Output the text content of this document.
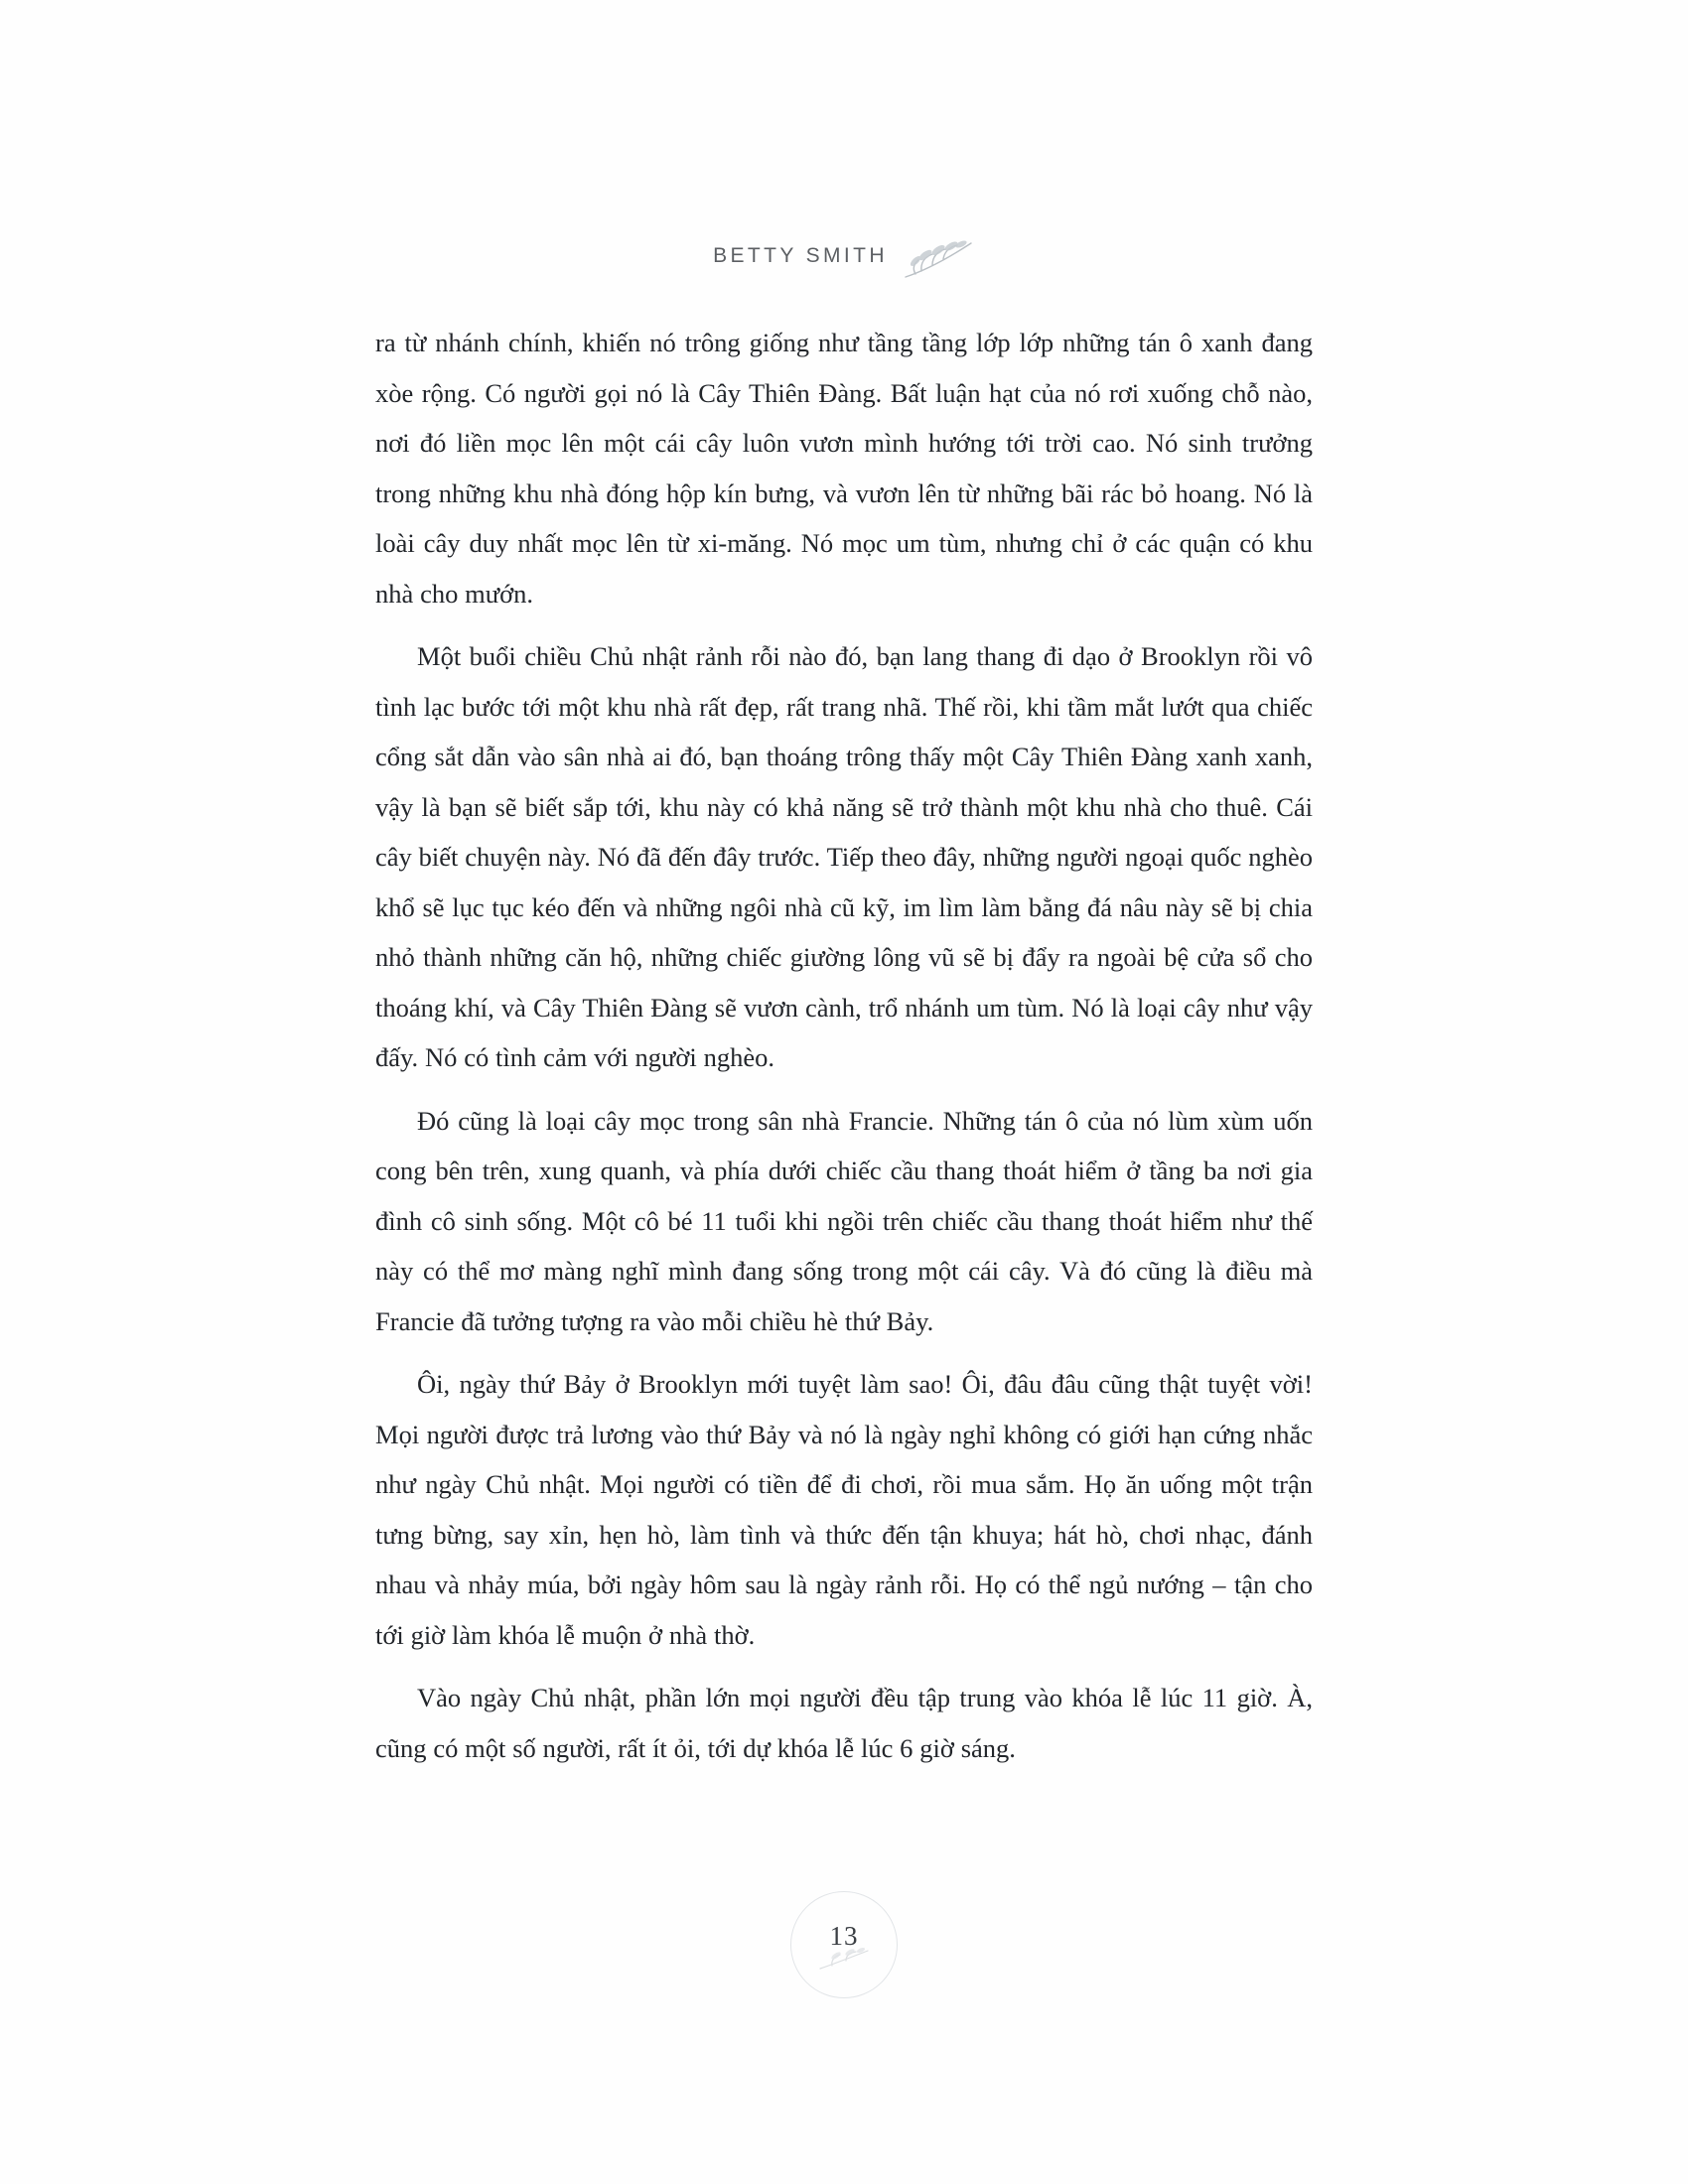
BETTY SMITH

ra từ nhánh chính, khiến nó trông giống như tầng tầng lớp lớp những tán ô xanh đang xòe rộng. Có người gọi nó là Cây Thiên Đàng. Bất luận hạt của nó rơi xuống chỗ nào, nơi đó liền mọc lên một cái cây luôn vươn mình hướng tới trời cao. Nó sinh trưởng trong những khu nhà đóng hộp kín bưng, và vươn lên từ những bãi rác bỏ hoang. Nó là loài cây duy nhất mọc lên từ xi-măng. Nó mọc um tùm, nhưng chỉ ở các quận có khu nhà cho mướn.

Một buổi chiều Chủ nhật rảnh rỗi nào đó, bạn lang thang đi dạo ở Brooklyn rồi vô tình lạc bước tới một khu nhà rất đẹp, rất trang nhã. Thế rồi, khi tầm mắt lướt qua chiếc cổng sắt dẫn vào sân nhà ai đó, bạn thoáng trông thấy một Cây Thiên Đàng xanh xanh, vậy là bạn sẽ biết sắp tới, khu này có khả năng sẽ trở thành một khu nhà cho thuê. Cái cây biết chuyện này. Nó đã đến đây trước. Tiếp theo đây, những người ngoại quốc nghèo khổ sẽ lục tục kéo đến và những ngôi nhà cũ kỹ, im lìm làm bằng đá nâu này sẽ bị chia nhỏ thành những căn hộ, những chiếc giường lông vũ sẽ bị đẩy ra ngoài bệ cửa sổ cho thoáng khí, và Cây Thiên Đàng sẽ vươn cành, trổ nhánh um tùm. Nó là loại cây như vậy đấy. Nó có tình cảm với người nghèo.

Đó cũng là loại cây mọc trong sân nhà Francie. Những tán ô của nó lùm xùm uốn cong bên trên, xung quanh, và phía dưới chiếc cầu thang thoát hiểm ở tầng ba nơi gia đình cô sinh sống. Một cô bé 11 tuổi khi ngồi trên chiếc cầu thang thoát hiểm như thế này có thể mơ màng nghĩ mình đang sống trong một cái cây. Và đó cũng là điều mà Francie đã tưởng tượng ra vào mỗi chiều hè thứ Bảy.

Ôi, ngày thứ Bảy ở Brooklyn mới tuyệt làm sao! Ôi, đâu đâu cũng thật tuyệt vời! Mọi người được trả lương vào thứ Bảy và nó là ngày nghỉ không có giới hạn cứng nhắc như ngày Chủ nhật. Mọi người có tiền để đi chơi, rồi mua sắm. Họ ăn uống một trận tưng bừng, say xỉn, hẹn hò, làm tình và thức đến tận khuya; hát hò, chơi nhạc, đánh nhau và nhảy múa, bởi ngày hôm sau là ngày rảnh rỗi. Họ có thể ngủ nướng – tận cho tới giờ làm khóa lễ muộn ở nhà thờ.

Vào ngày Chủ nhật, phần lớn mọi người đều tập trung vào khóa lễ lúc 11 giờ. À, cũng có một số người, rất ít ỏi, tới dự khóa lễ lúc 6 giờ sáng.

13
